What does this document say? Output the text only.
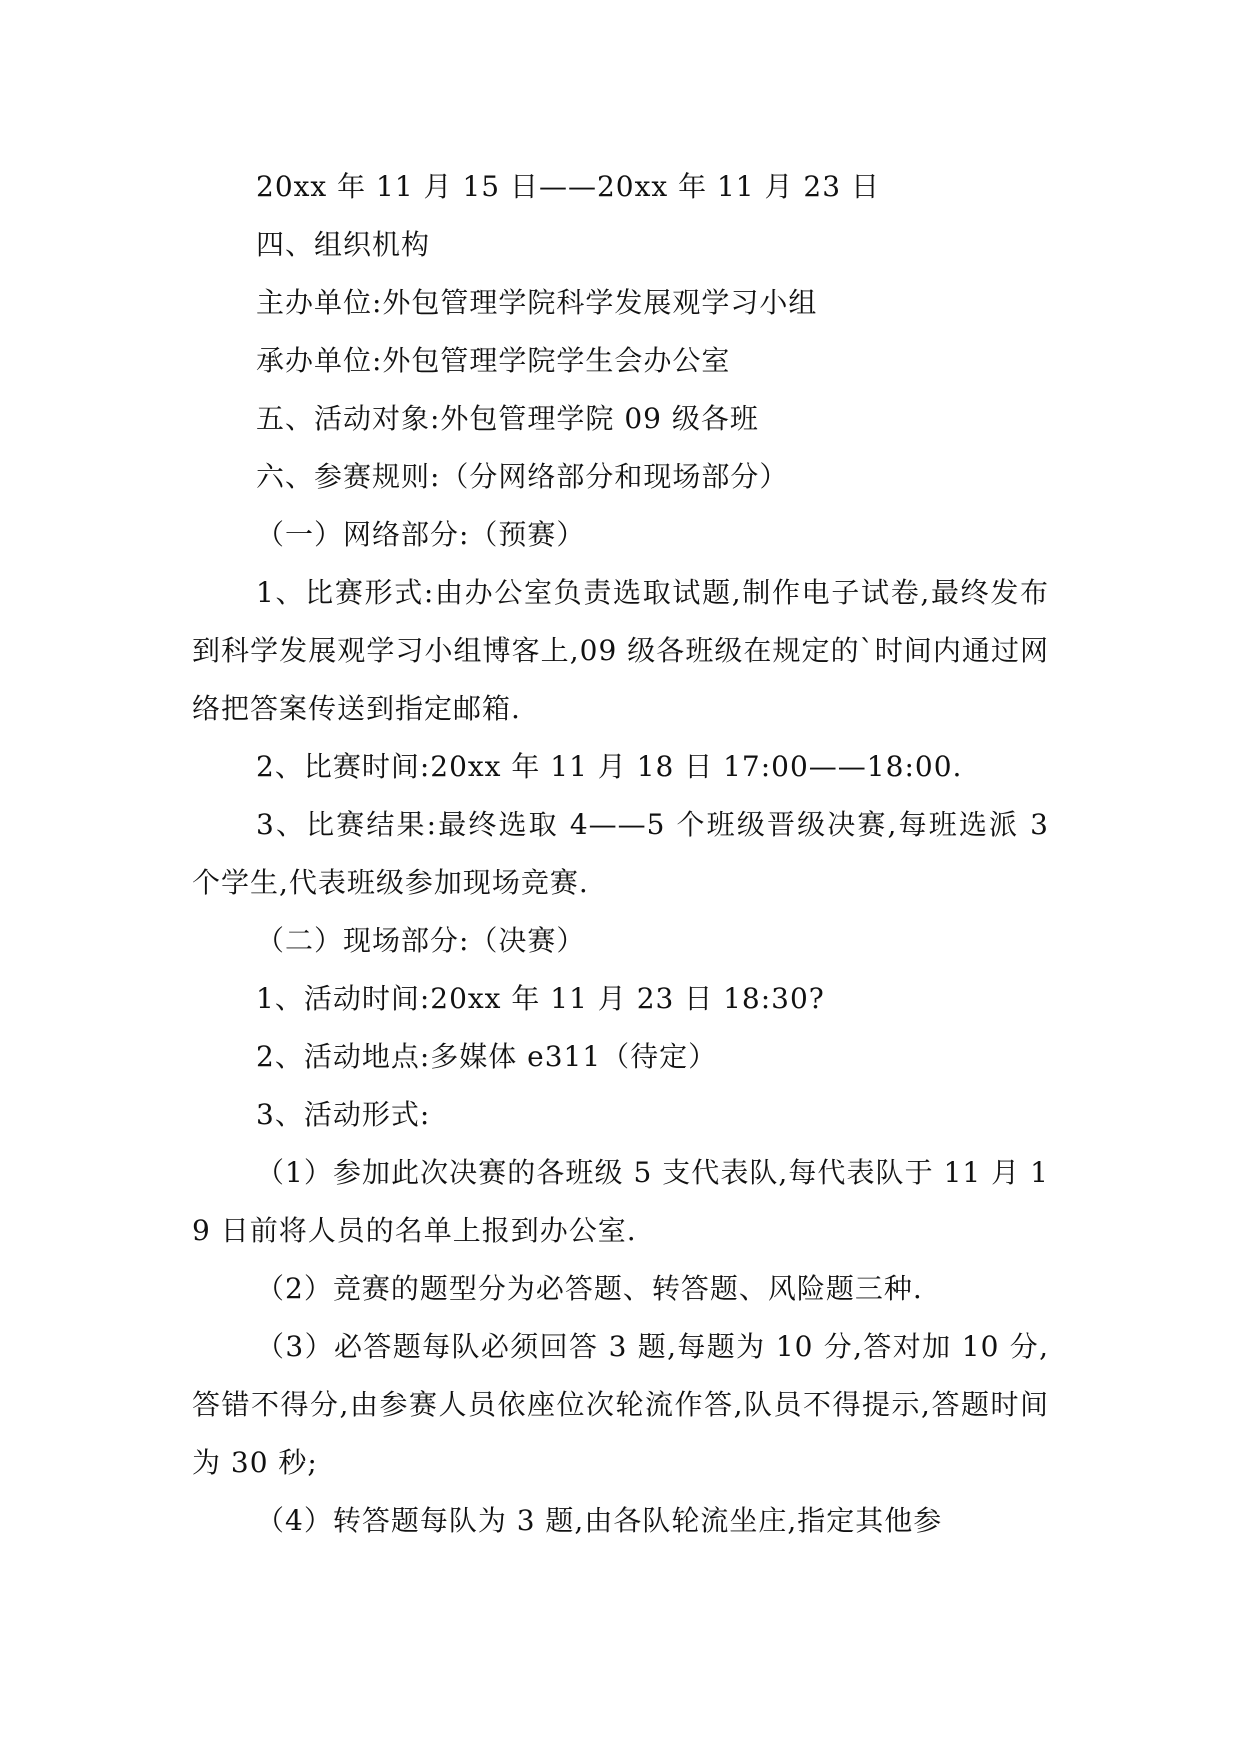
20xx 年 11 月 15 日——20xx 年 11 月 23 日

四、组织机构

主办单位:外包管理学院科学发展观学习小组

承办单位:外包管理学院学生会办公室

五、活动对象:外包管理学院 09 级各班

六、参赛规则:（分网络部分和现场部分）

（一）网络部分:（预赛）

1、比赛形式:由办公室负责选取试题,制作电子试卷,最终发布到科学发展观学习小组博客上,09 级各班级在规定的`时间内通过网络把答案传送到指定邮箱.

2、比赛时间:20xx 年 11 月 18 日 17:00——18:00.

3、比赛结果:最终选取 4——5 个班级晋级决赛,每班选派 3 个学生,代表班级参加现场竞赛.

（二）现场部分:（决赛）

1、活动时间:20xx 年 11 月 23 日 18:30?

2、活动地点:多媒体 e311（待定）

3、活动形式:

（1）参加此次决赛的各班级 5 支代表队,每代表队于 11 月 19 日前将人员的名单上报到办公室.

（2）竞赛的题型分为必答题、转答题、风险题三种.

（3）必答题每队必须回答 3 题,每题为 10 分,答对加 10 分,答错不得分,由参赛人员依座位次轮流作答,队员不得提示,答题时间为 30 秒;

（4）转答题每队为 3 题,由各队轮流坐庄,指定其他参
